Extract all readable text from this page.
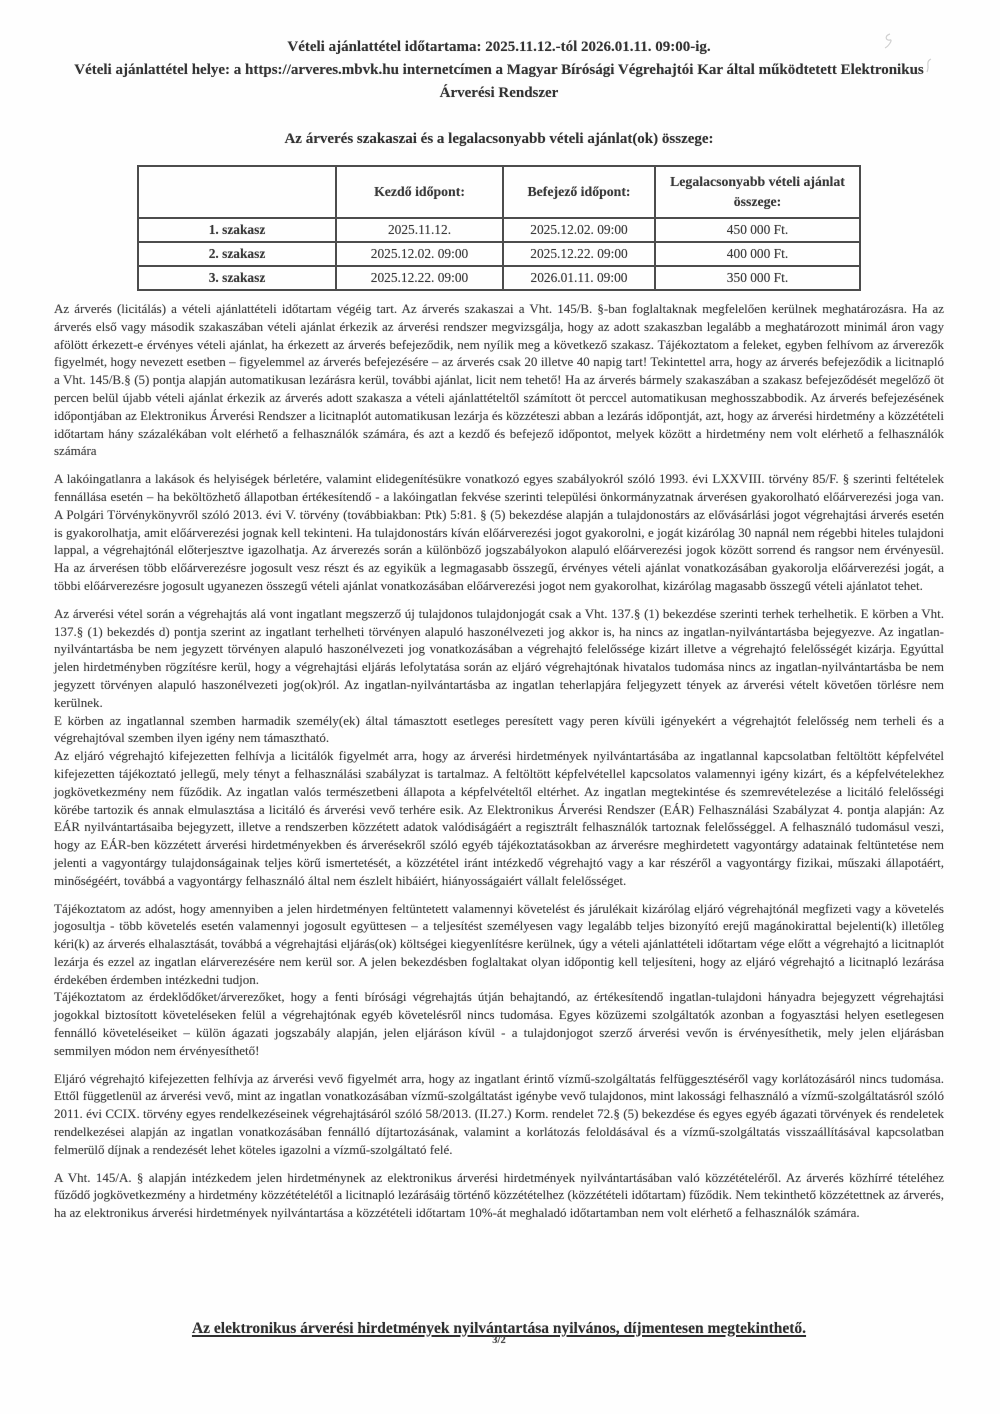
Vételi ajánlattétel időtartama: 2025.11.12.-tól 2026.01.11. 09:00-ig.

Vételi ajánlattétel helye: a https://arveres.mbvk.hu internetcímen a Magyar Bírósági Végrehajtói Kar által működtetett Elektronikus Árverési Rendszer

Az árverés szakaszai és a legalacsonyabb vételi ajánlat(ok) összege:
	Kezdő időpont:	Befejező időpont:	Legalacsonyabb vételi ajánlat összege:
1. szakasz	2025.11.12.	2025.12.02. 09:00	450 000 Ft.
2. szakasz	2025.12.02. 09:00	2025.12.22. 09:00	400 000 Ft.
3. szakasz	2025.12.22. 09:00	2026.01.11. 09:00	350 000 Ft.

Az árverés (licitálás) a vételi ajánlattételi időtartam végéig tart. Az árverés szakaszai a Vht. 145/B. §-ban foglaltaknak megfelelően kerülnek meghatározásra. Ha az árverés első vagy második szakaszában vételi ajánlat érkezik az árverési rendszer megvizsgálja, hogy az adott szakaszban legalább a meghatározott minimál áron vagy afölött érkezett-e érvényes vételi ajánlat, ha érkezett az árverés befejeződik, nem nyílik meg a következő szakasz. Tájékoztatom a feleket, egyben felhívom az árverezők figyelmét, hogy nevezett esetben – figyelemmel az árverés befejezésére – az árverés csak 20 illetve 40 napig tart! Tekintettel arra, hogy az árverés befejeződik a licitnapló a Vht. 145/B.§ (5) pontja alapján automatikusan lezárásra kerül, további ajánlat, licit nem tehető! Ha az árverés bármely szakaszában a szakasz befejeződését megelőző öt percen belül újabb vételi ajánlat érkezik az árverés adott szakasza a vételi ajánlattételtől számított öt perccel automatikusan meghosszabbodik. Az árverés befejezésének időpontjában az Elektronikus Árverési Rendszer a licitnaplót automatikusan lezárja és közzéteszi abban a lezárás időpontját, azt, hogy az árverési hirdetmény a közzétételi időtartam hány százalékában volt elérhető a felhasználók számára, és azt a kezdő és befejező időpontot, melyek között a hirdetmény nem volt elérhető a felhasználók számára

A lakóingatlanra a lakások és helyiségek bérletére, valamint elidegenítésükre vonatkozó egyes szabályokról szóló 1993. évi LXXVIII. törvény 85/F. § szerinti feltételek fennállása esetén – ha beköltözhető állapotban értékesítendő - a lakóingatlan fekvése szerinti települési önkormányzatnak árverésen gyakorolható előárverezési joga van. A Polgári Törvénykönyvről szóló 2013. évi V. törvény (továbbiakban: Ptk) 5:81. § (5) bekezdése alapján a tulajdonostárs az elővásárlási jogot végrehajtási árverés esetén is gyakorolhatja, amit előárverezési jognak kell tekinteni. Ha tulajdonostárs kíván előárverezési jogot gyakorolni, e jogát kizárólag 30 napnál nem régebbi hiteles tulajdoni lappal, a végrehajtónál előterjesztve igazolhatja. Az árverezés során a különböző jogszabályokon alapuló előárverezési jogok között sorrend és rangsor nem érvényesül. Ha az árverésen több előárverezésre jogosult vesz részt és az egyikük a legmagasabb összegű, érvényes vételi ajánlat vonatkozásában gyakorolja előárverezési jogát, a többi előárverezésre jogosult ugyanezen összegű vételi ajánlat vonatkozásában előárverezési jogot nem gyakorolhat, kizárólag magasabb összegű vételi ajánlatot tehet.

Az árverési vétel során a végrehajtás alá vont ingatlant megszerző új tulajdonos tulajdonjogát csak a Vht. 137.§ (1) bekezdése szerinti terhek terhelhetik. E körben a Vht. 137.§ (1) bekezdés d) pontja szerint az ingatlant terhelheti törvényen alapuló haszonélvezeti jog akkor is, ha nincs az ingatlan-nyilvántartásba bejegyezve. Az ingatlan-nyilvántartásba be nem jegyzett törvényen alapuló haszonélvezeti jog vonatkozásában a végrehajtó felelőssége kizárt illetve a végrehajtó felelősségét kizárja. Egyúttal jelen hirdetményben rögzítésre kerül, hogy a végrehajtási eljárás lefolytatása során az eljáró végrehajtónak hivatalos tudomása nincs az ingatlan-nyilvántartásba be nem jegyzett törvényen alapuló haszonélvezeti jog(ok)ról. Az ingatlan-nyilvántartásba az ingatlan teherlapjára feljegyzett tények az árverési vételt követően törlésre nem kerülnek.

E körben az ingatlannal szemben harmadik személy(ek) által támasztott esetleges peresített vagy peren kívüli igényekért a végrehajtót felelősség nem terheli és a végrehajtóval szemben ilyen igény nem támasztható.

Az eljáró végrehajtó kifejezetten felhívja a licitálók figyelmét arra, hogy az árverési hirdetmények nyilvántartásába az ingatlannal kapcsolatban feltöltött képfelvétel kifejezetten tájékoztató jellegű, mely tényt a felhasználási szabályzat is tartalmaz. A feltöltött képfelvétellel kapcsolatos valamennyi igény kizárt, és a képfelvételekhez jogkövetkezmény nem fűződik. Az ingatlan valós természetbeni állapota a képfelvételtől eltérhet. Az ingatlan megtekintése és szemrevételezése a licitáló felelősségi körébe tartozik és annak elmulasztása a licitáló és árverési vevő terhére esik. Az Elektronikus Árverési Rendszer (EÁR) Felhasználási Szabályzat 4. pontja alapján: Az EÁR nyilvántartásaiba bejegyzett, illetve a rendszerben közzétett adatok valódiságáért a regisztrált felhasználók tartoznak felelősséggel. A felhasználó tudomásul veszi, hogy az EÁR-ben közzétett árverési hirdetményekben és árverésekről szóló egyéb tájékoztatásokban az árverésre meghirdetett vagyontárgy adatainak feltüntetése nem jelenti a vagyontárgy tulajdonságainak teljes körű ismertetését, a közzététel iránt intézkedő végrehajtó vagy a kar részéről a vagyontárgy fizikai, műszaki állapotáért, minőségéért, továbbá a vagyontárgy felhasználó által nem észlelt hibáiért, hiányosságaiért vállalt felelősséget.

Tájékoztatom az adóst, hogy amennyiben a jelen hirdetményen feltüntetett valamennyi követelést és járulékait kizárólag eljáró végrehajtónál megfizeti vagy a követelés jogosultja - több követelés esetén valamennyi jogosult együttesen – a teljesítést személyesen vagy legalább teljes bizonyító erejű magánokirattal bejelenti(k) illetőleg kéri(k) az árverés elhalasztását, továbbá a végrehajtási eljárás(ok) költségei kiegyenlítésre kerülnek, úgy a vételi ajánlattételi időtartam vége előtt a végrehajtó a licitnaplót lezárja és ezzel az ingatlan elárverezésére nem kerül sor. A jelen bekezdésben foglaltakat olyan időpontig kell teljesíteni, hogy az eljáró végrehajtó a licitnapló lezárása érdekében érdemben intézkedni tudjon.

Tájékoztatom az érdeklődőket/árverezőket, hogy a fenti bírósági végrehajtás útján behajtandó, az értékesítendő ingatlan-tulajdoni hányadra bejegyzett végrehajtási jogokkal biztosított követeléseken felül a végrehajtónak egyéb követelésről nincs tudomása. Egyes közüzemi szolgáltatók azonban a fogyasztási helyen esetlegesen fennálló követeléseiket – külön ágazati jogszabály alapján, jelen eljáráson kívül - a tulajdonjogot szerző árverési vevőn is érvényesíthetik, mely jelen eljárásban semmilyen módon nem érvényesíthető!

Eljáró végrehajtó kifejezetten felhívja az árverési vevő figyelmét arra, hogy az ingatlant érintő vízmű-szolgáltatás felfüggesztéséről vagy korlátozásáról nincs tudomása. Ettől függetlenül az árverési vevő, mint az ingatlan vonatkozásában vízmű-szolgáltatást igénybe vevő tulajdonos, mint lakossági felhasználó a vízmű-szolgáltatásról szóló 2011. évi CCIX. törvény egyes rendelkezéseinek végrehajtásáról szóló 58/2013. (II.27.) Korm. rendelet 72.§ (5) bekezdése és egyes egyéb ágazati törvények és rendeletek rendelkezései alapján az ingatlan vonatkozásában fennálló díjtartozásának, valamint a korlátozás feloldásával és a vízmű-szolgáltatás visszaállításával kapcsolatban felmerülő díjnak a rendezését lehet köteles igazolni a vízmű-szolgáltató felé.

A Vht. 145/A. § alapján intézkedem jelen hirdetménynek az elektronikus árverési hirdetmények nyilvántartásában való közzétételéről. Az árverés közhírré tételéhez fűződő jogkövetkezmény a hirdetmény közzétételétől a licitnapló lezárásáig történő közzétételhez (közzétételi időtartam) fűződik. Nem tekinthető közzétettnek az árverés, ha az elektronikus árverési hirdetmények nyilvántartása a közzétételi időtartam 10%-át meghaladó időtartamban nem volt elérhető a felhasználók számára.

Az elektronikus árverési hirdetmények nyilvántartása nyilvános, díjmentesen megtekinthető.

3/2
